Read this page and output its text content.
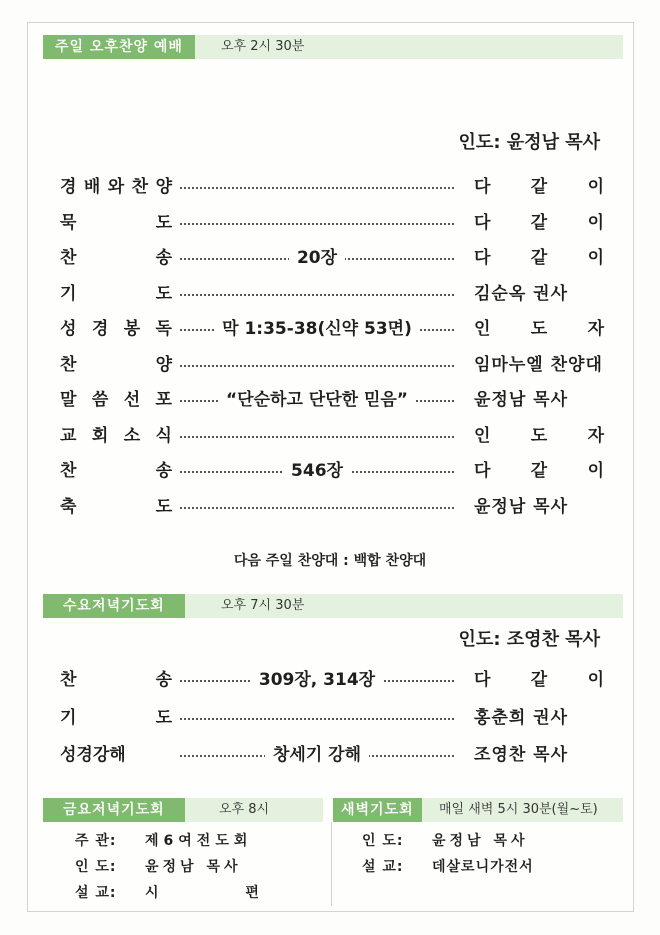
주일 오후찬양 예배	오후 2시 30분
인도: 윤정남 목사
경 배 와 찬 양	다 같 이
묵	도	다 같 이
찬	송	20장	다 같 이
기	도	김순옥 권사
성 경 봉 독	막 1:35-38(신약 53면)	인 도 자
찬	양	임마누엘 찬양대
말 씀 선 포	“단순하고 단단한 믿음”	윤정남 목사
교 회 소 식	인 도 자
찬	송	546장	다 같 이
축	도	윤정남 목사
다음 주일 찬양대 : 백합 찬양대
수요저녁기도회	오후 7시 30분
인도: 조영찬 목사
찬	송	309장, 314장	다 같 이
기	도	홍춘희 권사
성경강해	창세기 강해	조영찬 목사
금요저녁기도회	오후 8시
주 관: 제6여전도회
인 도: 윤정남 목사
설 교: 시 편
새벽기도회	매일 새벽 5시 30분(월~토)
인 도: 윤정남 목사
설 교: 데살로니가전서
